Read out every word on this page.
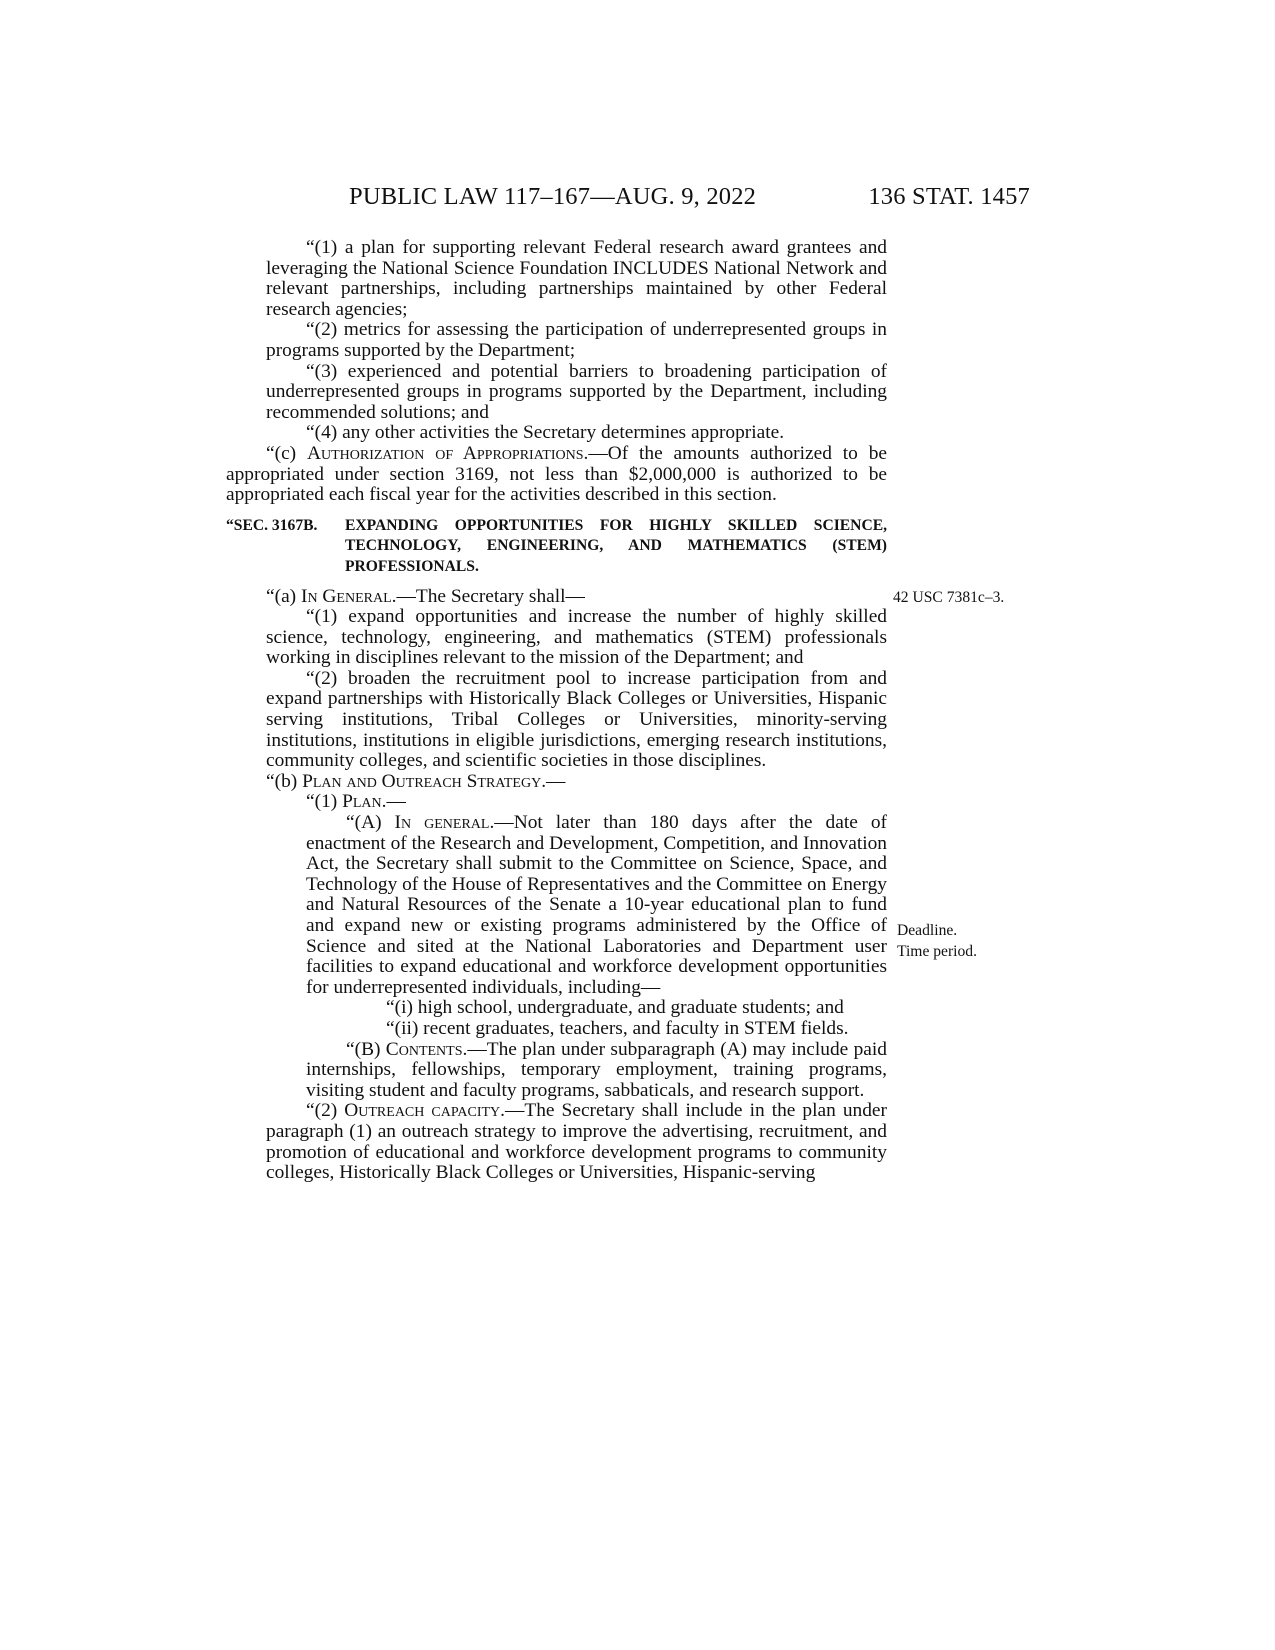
PUBLIC LAW 117–167—AUG. 9, 2022	136 STAT. 1457

“(1) a plan for supporting relevant Federal research award grantees and leveraging the National Science Foundation INCLUDES National Network and relevant partnerships, including partnerships maintained by other Federal research agencies;

“(2) metrics for assessing the participation of underrepresented groups in programs supported by the Department;

“(3) experienced and potential barriers to broadening participation of underrepresented groups in programs supported by the Department, including recommended solutions; and

“(4) any other activities the Secretary determines appropriate.

“(c) Authorization of Appropriations.—Of the amounts authorized to be appropriated under section 3169, not less than $2,000,000 is authorized to be appropriated each fiscal year for the activities described in this section.

“SEC. 3167B.	EXPANDING OPPORTUNITIES FOR HIGHLY SKILLED SCIENCE, TECHNOLOGY, ENGINEERING, AND MATHEMATICS (STEM) PROFESSIONALS.

“(a) In General.—The Secretary shall—

“(1) expand opportunities and increase the number of highly skilled science, technology, engineering, and mathematics (STEM) professionals working in disciplines relevant to the mission of the Department; and

“(2) broaden the recruitment pool to increase participation from and expand partnerships with Historically Black Colleges or Universities, Hispanic serving institutions, Tribal Colleges or Universities, minority-serving institutions, institutions in eligible jurisdictions, emerging research institutions, community colleges, and scientific societies in those disciplines.

“(b) Plan and Outreach Strategy.—

“(1) Plan.—

“(A) In general.—Not later than 180 days after the date of enactment of the Research and Development, Competition, and Innovation Act, the Secretary shall submit to the Committee on Science, Space, and Technology of the House of Representatives and the Committee on Energy and Natural Resources of the Senate a 10-year educational plan to fund and expand new or existing programs administered by the Office of Science and sited at the National Laboratories and Department user facilities to expand educational and workforce development opportunities for underrepresented individuals, including—

“(i) high school, undergraduate, and graduate students; and

“(ii) recent graduates, teachers, and faculty in STEM fields.

“(B) Contents.—The plan under subparagraph (A) may include paid internships, fellowships, temporary employment, training programs, visiting student and faculty programs, sabbaticals, and research support.

“(2) Outreach capacity.—The Secretary shall include in the plan under paragraph (1) an outreach strategy to improve the advertising, recruitment, and promotion of educational and workforce development programs to community colleges, Historically Black Colleges or Universities, Hispanic-serving

42 USC 7381c–3.
Deadline.
Time period.
